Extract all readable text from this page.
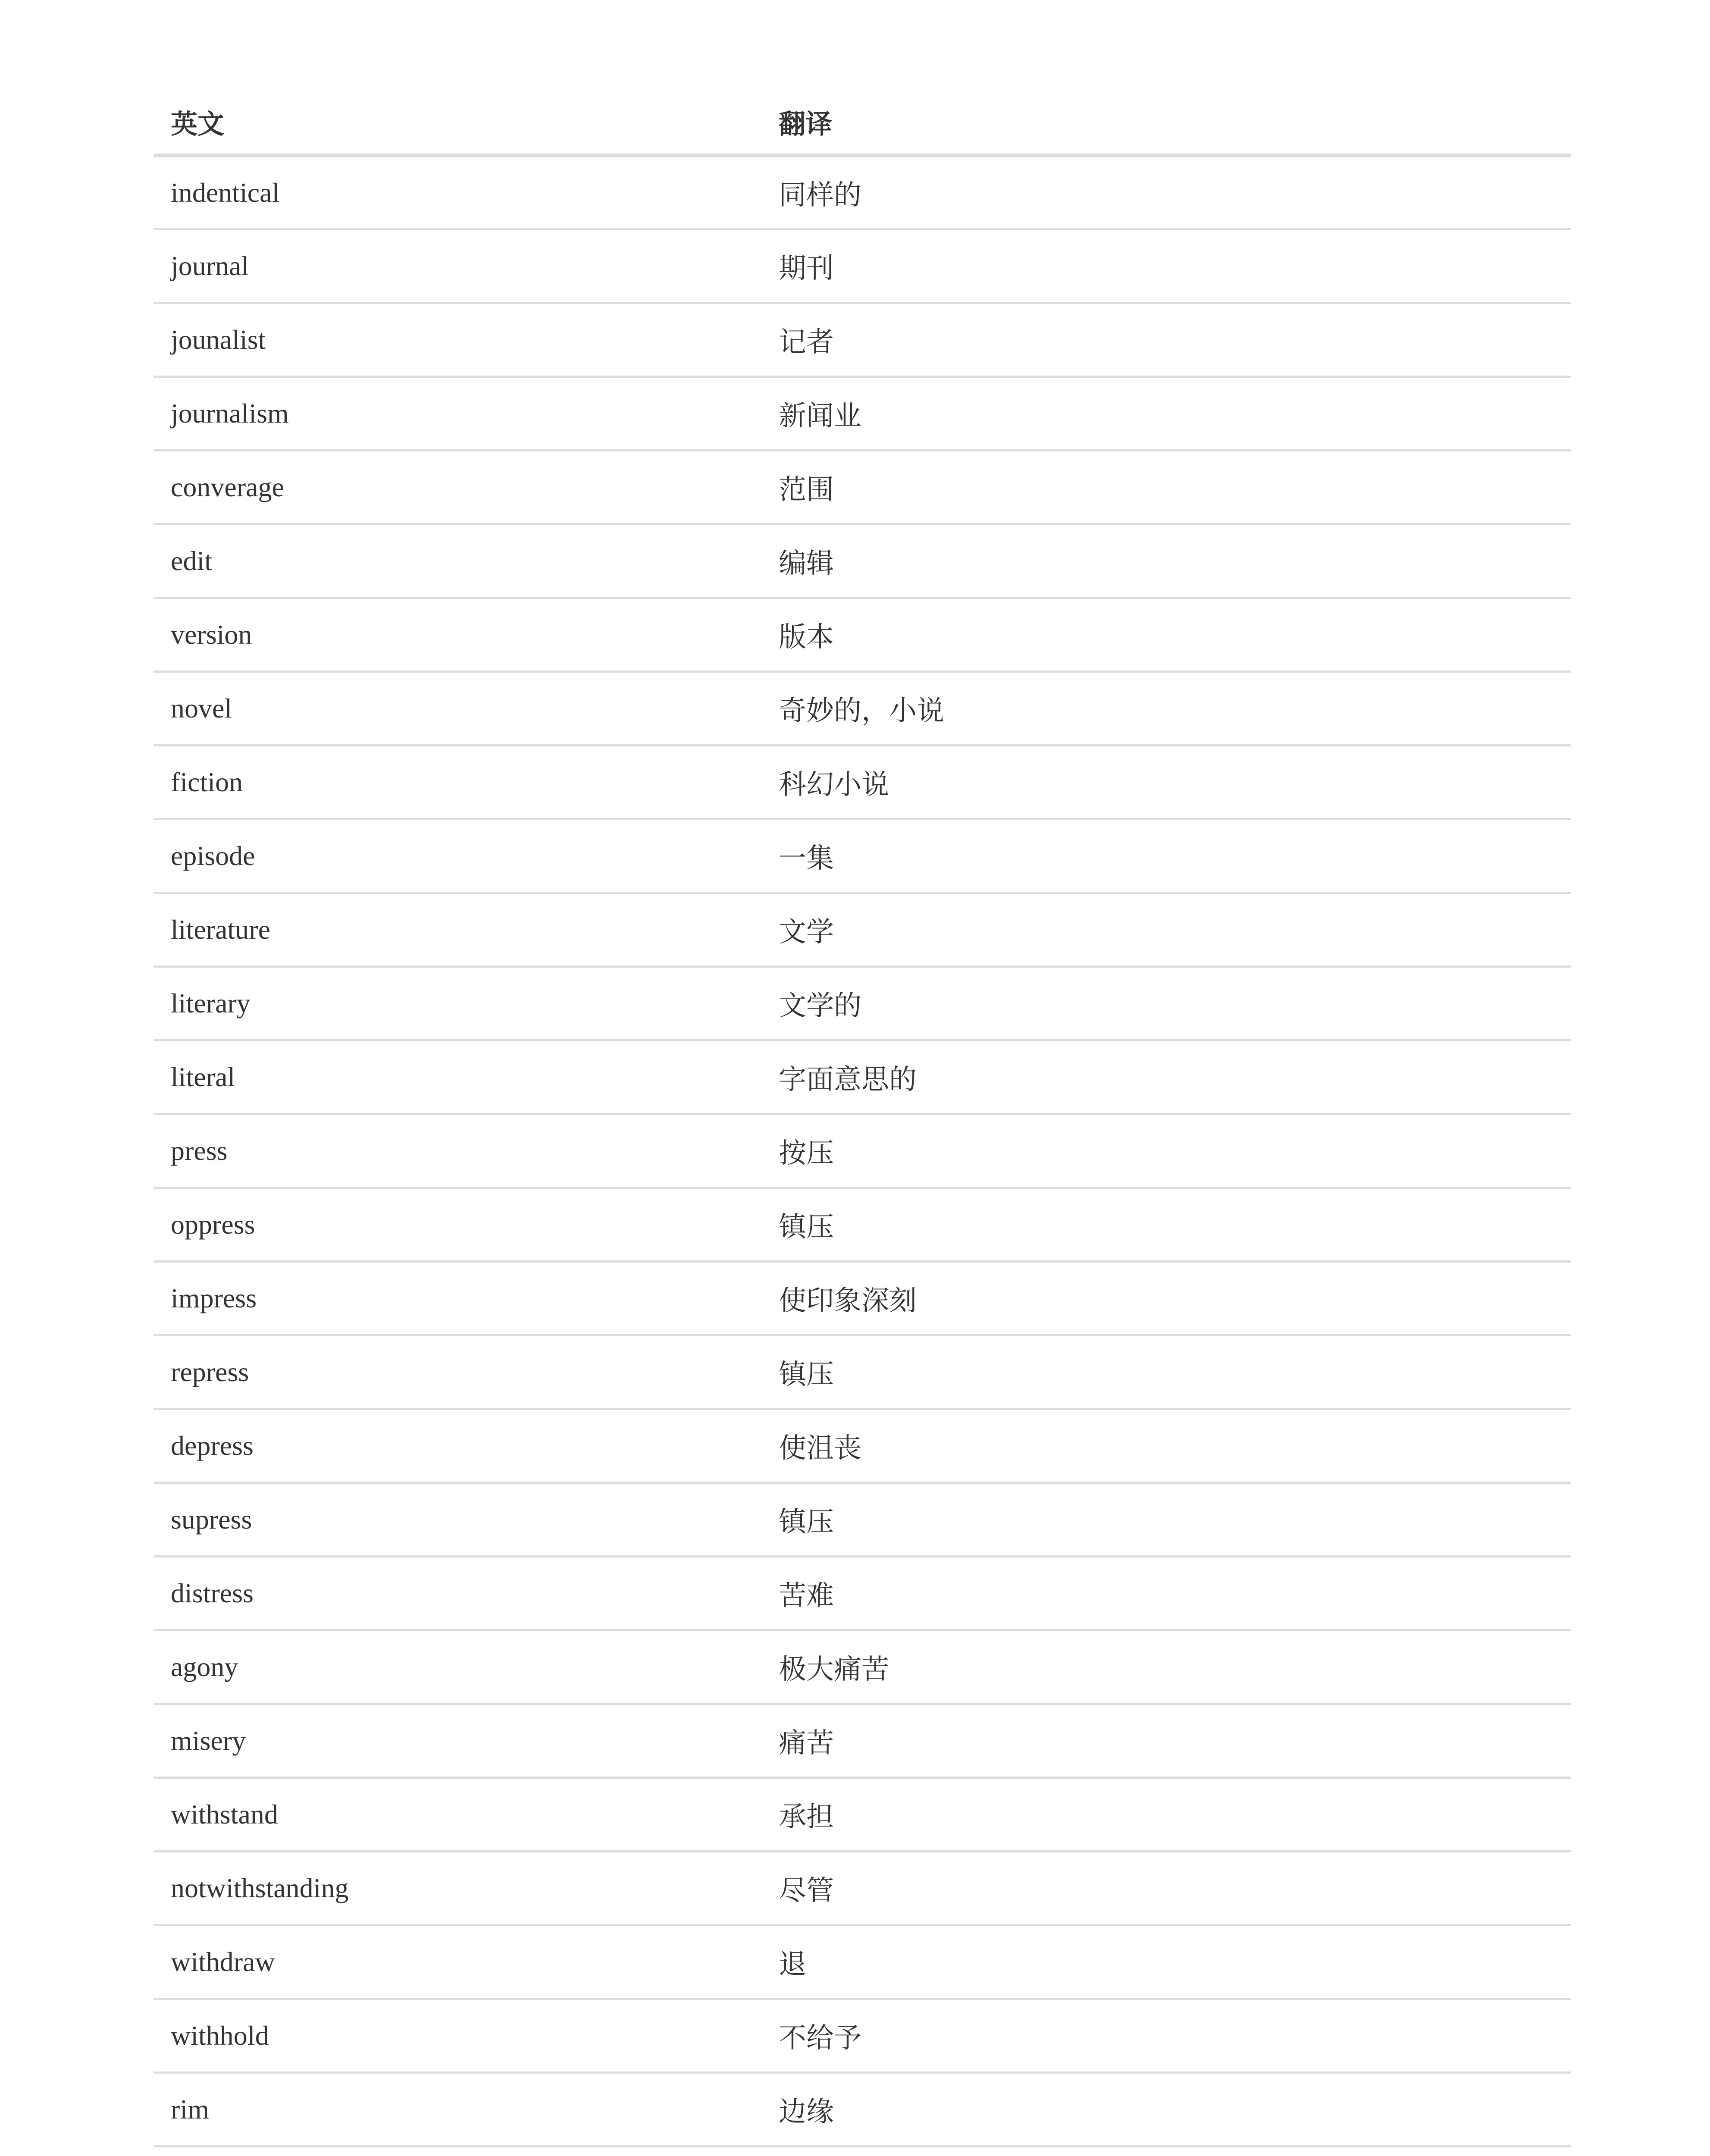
英文	翻译
indentical	同样的
journal	期刊
jounalist	记者
journalism	新闻业
converage	范围
edit	编辑
version	版本
novel	奇妙的，小说
fiction	科幻小说
episode	一集
literature	文学
literary	文学的
literal	字面意思的
press	按压
oppress	镇压
impress	使印象深刻
repress	镇压
depress	使沮丧
supress	镇压
distress	苦难
agony	极大痛苦
misery	痛苦
withstand	承担
notwithstanding	尽管
withdraw	退
withhold	不给予
rim	边缘
